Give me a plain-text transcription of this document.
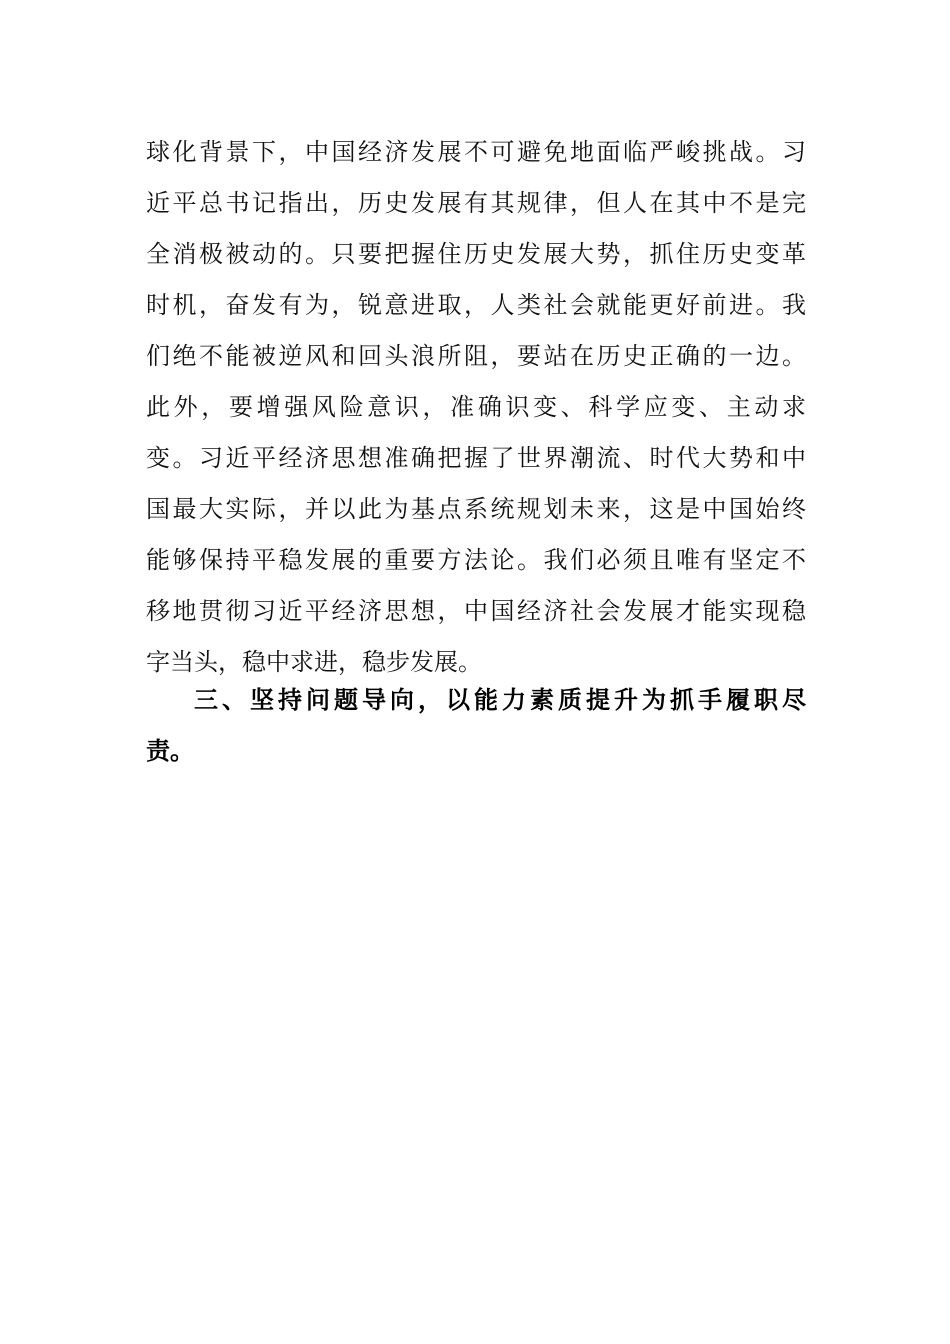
球化背景下，中国经济发展不可避免地面临严峻挑战。习
近平总书记指出，历史发展有其规律，但人在其中不是完
全消极被动的。只要把握住历史发展大势，抓住历史变革
时机，奋发有为，锐意进取，人类社会就能更好前进。我
们绝不能被逆风和回头浪所阻，要站在历史正确的一边。
此外，要增强风险意识，准确识变、科学应变、主动求
变。习近平经济思想准确把握了世界潮流、时代大势和中
国最大实际，并以此为基点系统规划未来，这是中国始终
能够保持平稳发展的重要方法论。我们必须且唯有坚定不
移地贯彻习近平经济思想，中国经济社会发展才能实现稳
字当头，稳中求进，稳步发展。
三、坚持问题导向，以能力素质提升为抓手履职尽
责。
